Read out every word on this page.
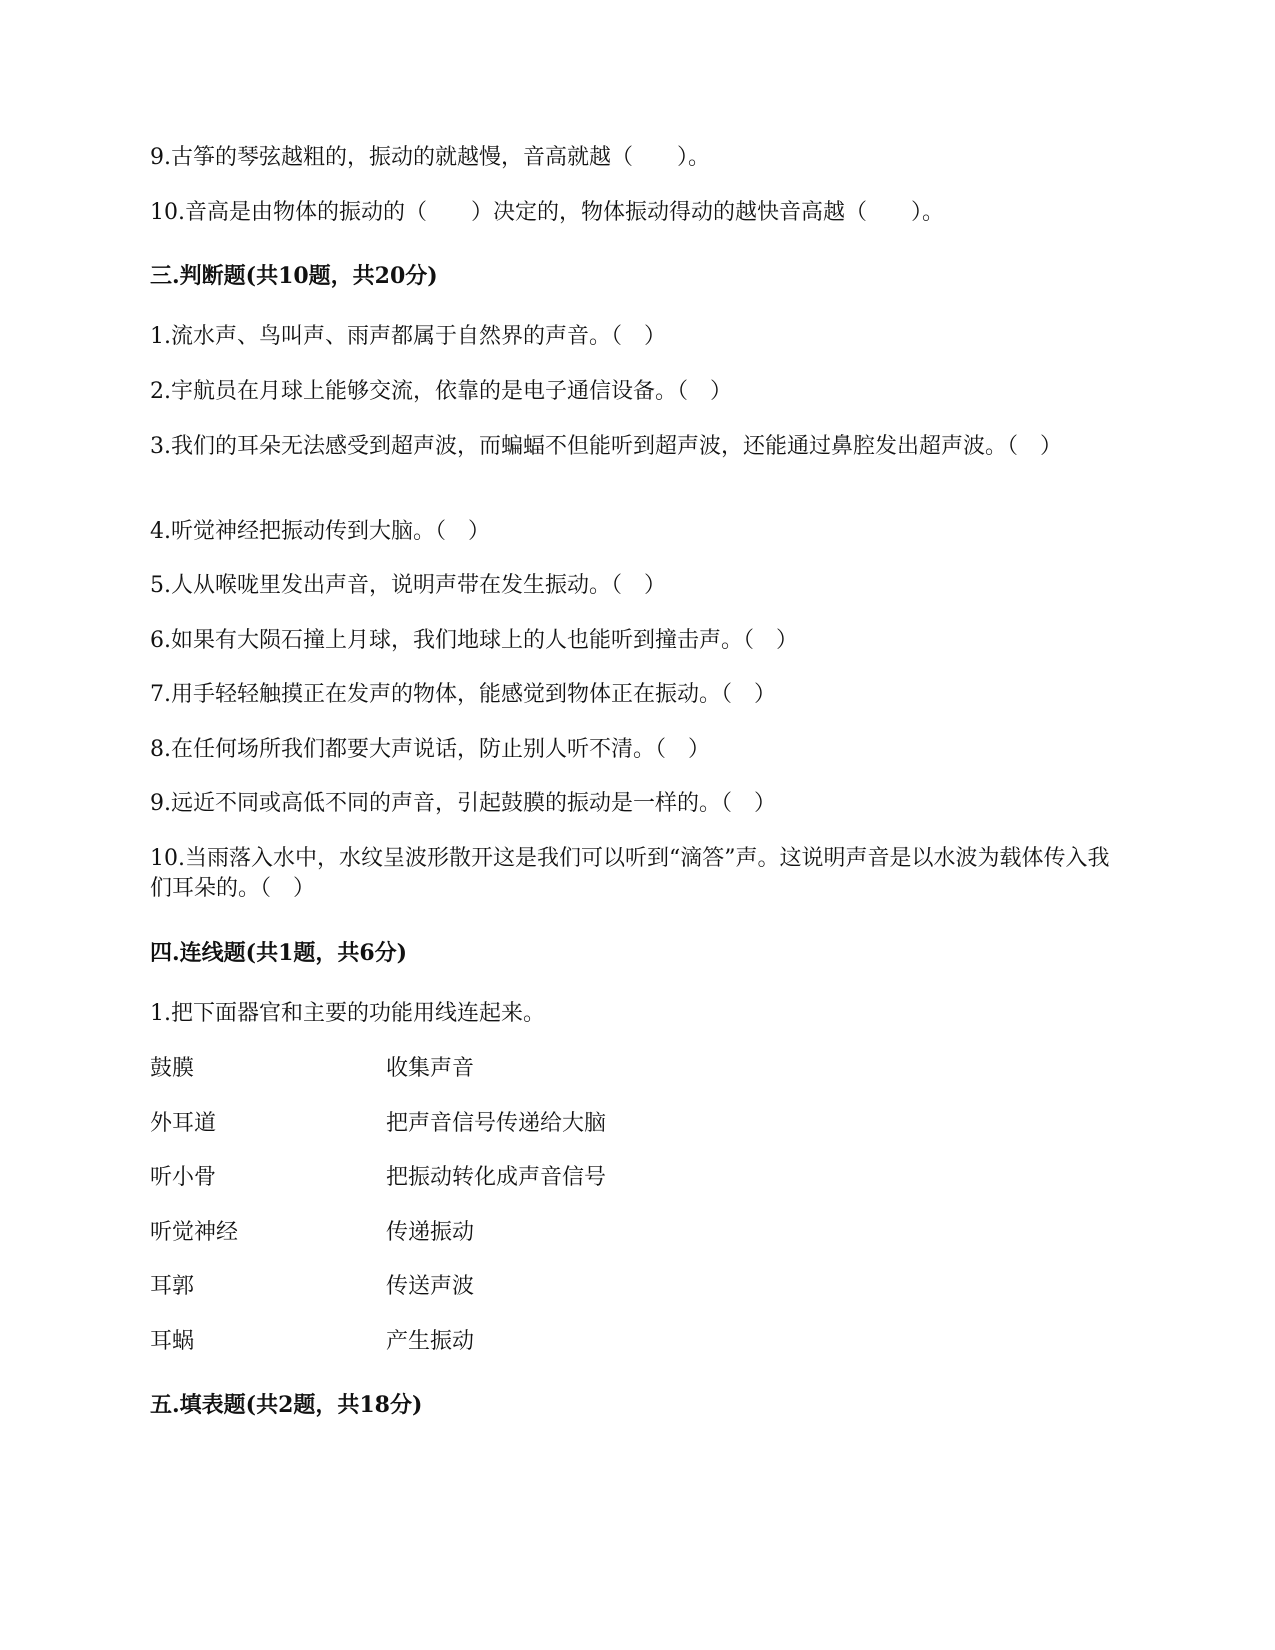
9.古筝的琴弦越粗的，振动的就越慢，音高就越（　　）。
10.音高是由物体的振动的（　　）决定的，物体振动得动的越快音高越（　　）。
三.判断题(共10题，共20分)
1.流水声、鸟叫声、雨声都属于自然界的声音。（　）
2.宇航员在月球上能够交流，依靠的是电子通信设备。（　）
3.我们的耳朵无法感受到超声波，而蝙蝠不但能听到超声波，还能通过鼻腔发出超声波。（　）
4.听觉神经把振动传到大脑。（　）
5.人从喉咙里发出声音，说明声带在发生振动。（　）
6.如果有大陨石撞上月球，我们地球上的人也能听到撞击声。（　）
7.用手轻轻触摸正在发声的物体，能感觉到物体正在振动。（　）
8.在任何场所我们都要大声说话，防止别人听不清。（　）
9.远近不同或高低不同的声音，引起鼓膜的振动是一样的。（　）
10.当雨落入水中，水纹呈波形散开这是我们可以听到“滴答”声。这说明声音是以水波为载体传入我们耳朵的。（　）
四.连线题(共1题，共6分)
1.把下面器官和主要的功能用线连起来。
鼓膜	收集声音
外耳道	把声音信号传递给大脑
听小骨	把振动转化成声音信号
听觉神经	传递振动
耳郭	传送声波
耳蜗	产生振动
五.填表题(共2题，共18分)
